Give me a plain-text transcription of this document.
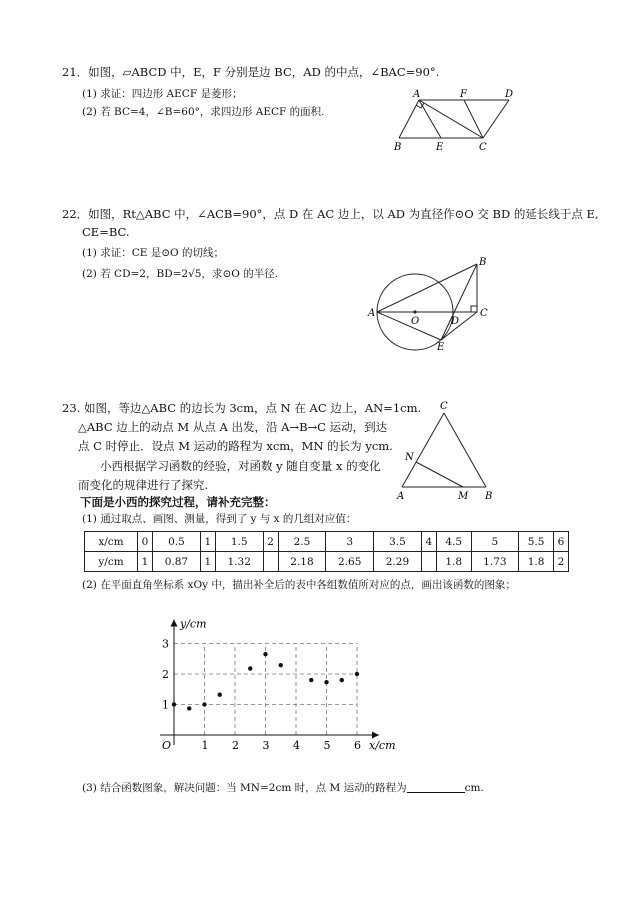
21．如图，▱ABCD 中，E，F 分别是边 BC，AD 的中点，∠BAC=90°.
(1) 求证：四边形 AECF 是菱形；
(2) 若 BC=4，∠B=60°，求四边形 AECF 的面积.
A	F	D
B	E	C
22．如图，Rt△ABC 中，∠ACB=90°，点 D 在 AC 边上，以 AD 为直径作⊙O 交 BD 的延长线于点 E,
CE=BC.
(1) 求证：CE 是⊙O 的切线；
(2) 若 CD=2，BD=2√5，求⊙O 的半径.
A
O	D
C
B
E
23. 如图，等边△ABC 的边长为 3cm，点 N 在 AC 边上，AN=1cm.
△ABC 边上的动点 M 从点 A 出发，沿 A→B→C 运动，到达
点 C 时停止．设点 M 运动的路程为 xcm，MN 的长为 ycm.
小西根据学习函数的经验，对函数 y 随自变量 x 的变化
而变化的规律进行了探究.
下面是小西的探究过程，请补充完整：
(1) 通过取点、画图、测量，得到了 y 与 x 的几组对应值：
C
N
A	M B
x/cm	0	0.5	1	1.5	2	2.5	3	3.5	4	4.5	5	5.5	6
y/cm	1	0.87	1	1.32		2.18	2.65	2.29		1.8	1.73	1.8	2
(2) 在平面直角坐标系 xOy 中，描出补全后的表中各组数值所对应的点，画出该函数的图象；
y/cm
x/cm
O	1 2 3 4 5 6
1
2
3
(3) 结合函数图象，解决问题：当 MN=2cm 时，点 M 运动的路程为	cm.
